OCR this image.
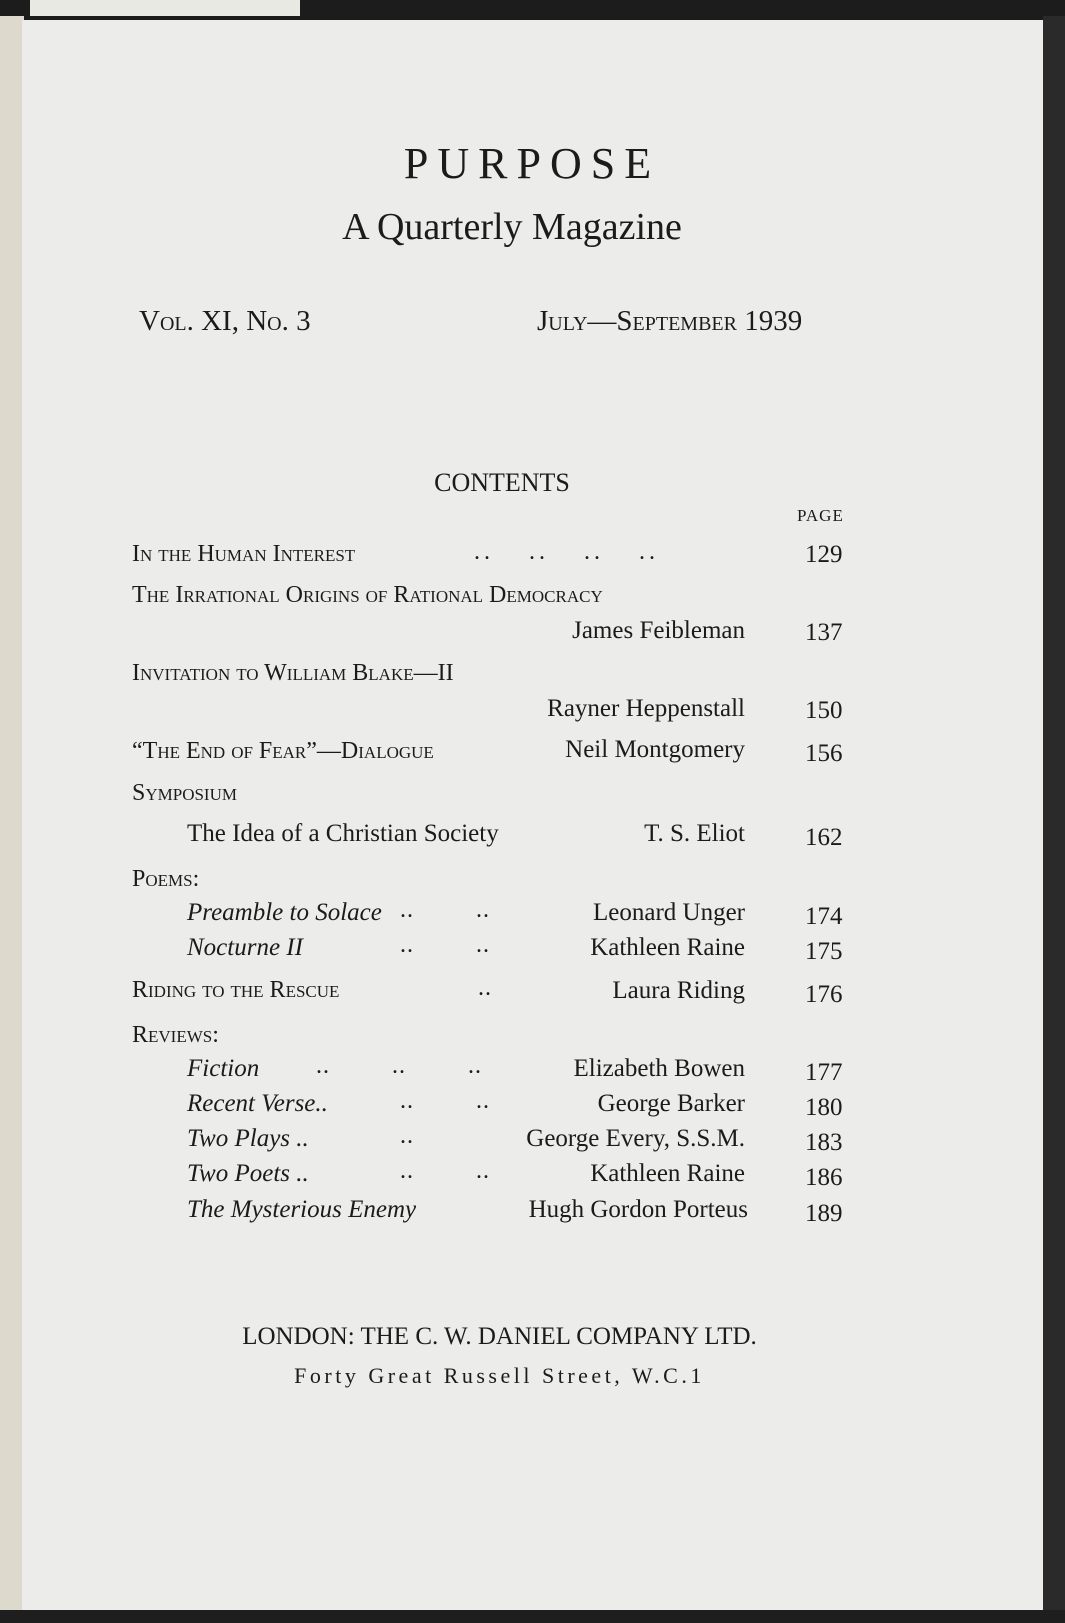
PURPOSE
A Quarterly Magazine
Vol. XI, No. 3	July—September 1939
CONTENTS
PAGE
In the Human Interest	.. .. .. ..	129
The Irrational Origins of Rational Democracy
James Feibleman 137
Invitation to William Blake—II
Rayner Heppenstall 150
“The End of Fear”—Dialogue	Neil Montgomery 156
Symposium
The Idea of a Christian Society	T. S. Eliot 162
Poems:
Preamble to Solace .. ..	Leonard Unger 174
Nocturne II	.. ..	Kathleen Raine 175
Riding to the Rescue	..	Laura Riding 176
Reviews:
Fiction .. .. ..	Elizabeth Bowen 177
Recent Verse..	.. ..	George Barker 180
Two Plays ..	..	George Every, S.S.M. 183
Two Poets ..	.. ..	Kathleen Raine 186
The Mysterious Enemy	Hugh Gordon Porteus 189
LONDON: THE C. W. DANIEL COMPANY LTD.
Forty Great Russell Street, W.C.1
